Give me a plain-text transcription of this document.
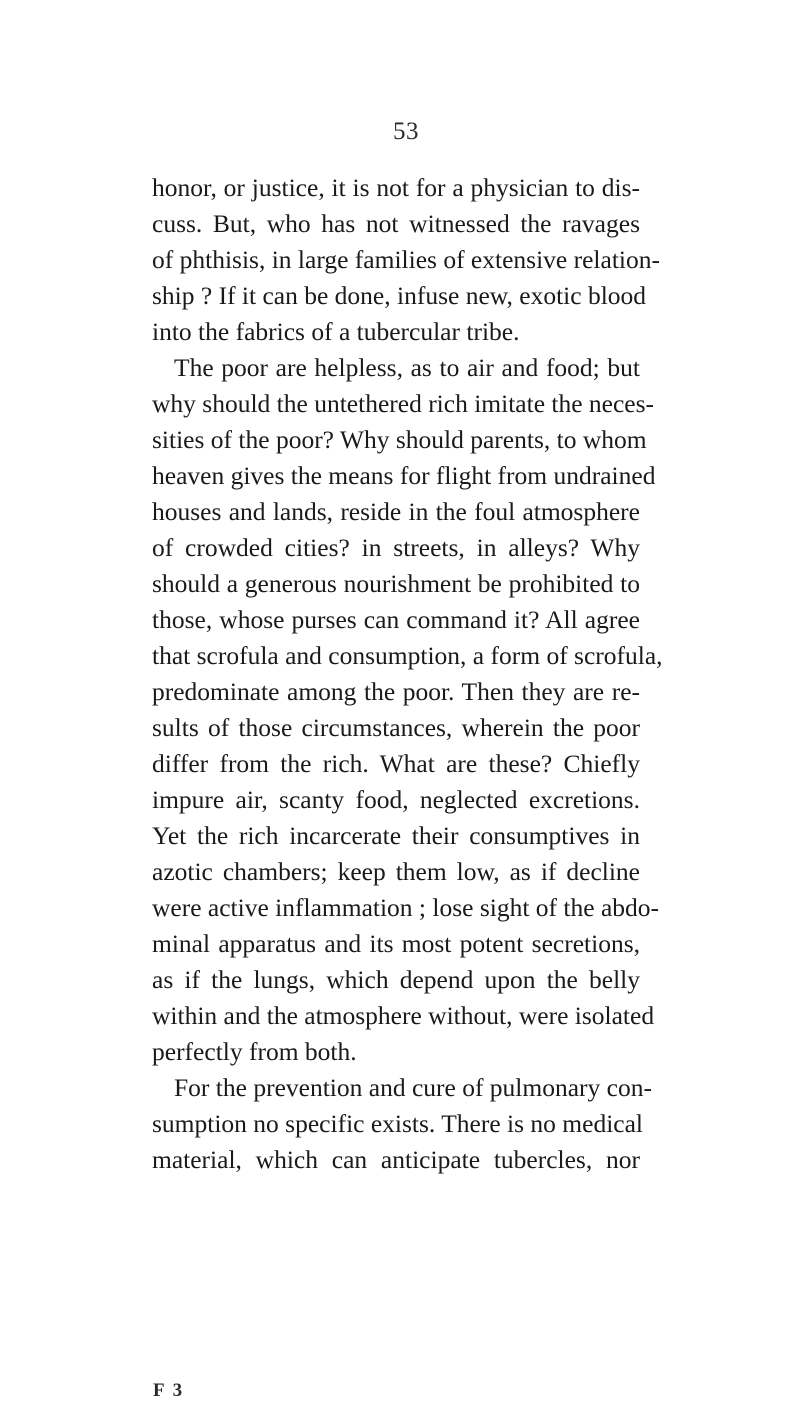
53
honor, or justice, it is not for a physician to dis-
cuss. But, who has not witnessed the ravages
of phthisis, in large families of extensive relation-
ship ? If it can be done, infuse new, exotic blood
into the fabrics of a tubercular tribe.
The poor are helpless, as to air and food; but
why should the untethered rich imitate the neces-
sities of the poor? Why should parents, to whom
heaven gives the means for flight from undrained
houses and lands, reside in the foul atmosphere
of crowded cities? in streets, in alleys? Why
should a generous nourishment be prohibited to
those, whose purses can command it? All agree
that scrofula and consumption, a form of scrofula,
predominate among the poor. Then they are re-
sults of those circumstances, wherein the poor
differ from the rich. What are these? Chiefly
impure air, scanty food, neglected excretions.
Yet the rich incarcerate their consumptives in
azotic chambers; keep them low, as if decline
were active inflammation ; lose sight of the abdo-
minal apparatus and its most potent secretions,
as if the lungs, which depend upon the belly
within and the atmosphere without, were isolated
perfectly from both.
For the prevention and cure of pulmonary con-
sumption no specific exists. There is no medical
material, which can anticipate tubercles, nor
F 3
